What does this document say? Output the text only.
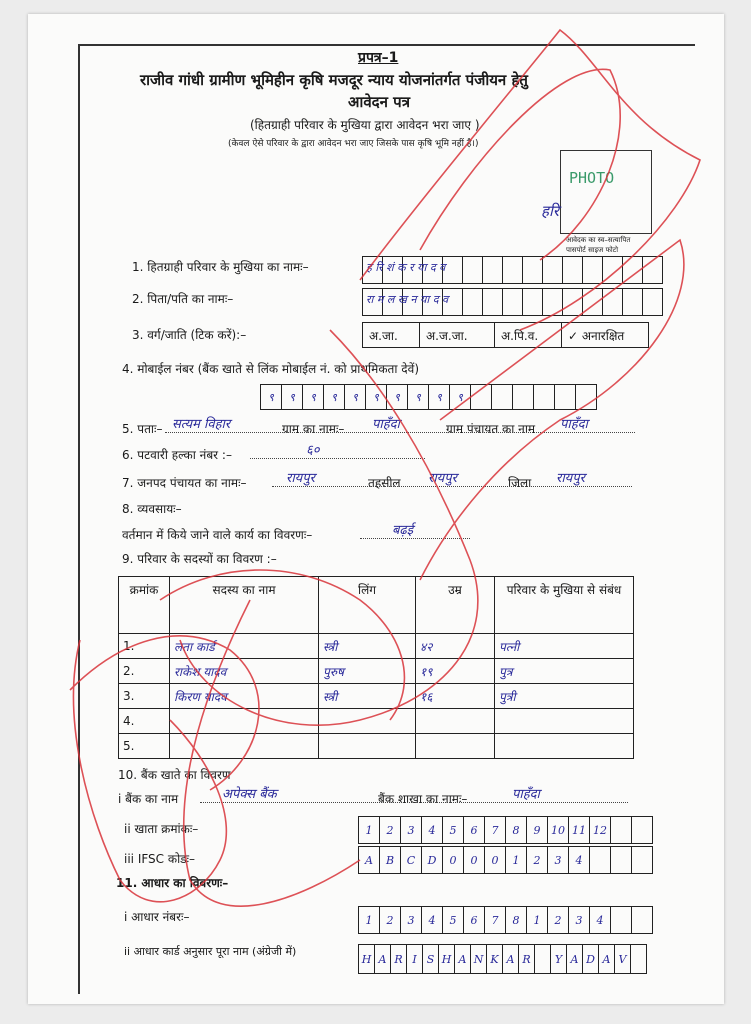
प्रपत्र–1
राजीव गांधी ग्रामीण भूमिहीन कृषि मजदूर न्याय योजनांतर्गत पंजीयन हेतु
आवेदन पत्र
(हितग्राही परिवार के मुखिया द्वारा आवेदन भरा जाए )
(केवल ऐसे परिवार के द्वारा आवेदन भरा जाए जिसके पास कृषि भूमि नहीं है।)
PHOTO
हरि
आवेदक का स्व–सत्यापित
पासपोर्ट साइज फोटो
1. हितग्राही परिवार के मुखिया का नामः–	ह रि शं क र या द व
2. पिता/पति का नामः–	रा म ल ख न या द व
3. वर्ग/जाति (टिक करें):–	अ.जा.	अ.ज.जा.	अ.पि.व.	✓ अनारक्षित
4. मोबाईल नंबर (बैंक खाते से लिंक मोबाईल नं. को प्राथमिकता देवें)
९	९	९	९	९	९	९	९	९	९
5. पताः– सत्यम विहार	ग्राम का नामः– पाहँदा	ग्राम पंचायत का नाम पाहँदा
6. पटवारी हल्का नंबर :–	६०
7. जनपद पंचायत का नामः–	रायपुर	तहसील रायपुर	जिला रायपुर
8. व्यवसायः–
वर्तमान में किये जाने वाले कार्य का विवरणः–	बढ़ई
9. परिवार के सदस्यों का विवरण :–
क्रमांक	सदस्य का नाम	लिंग	उम्र	परिवार के मुखिया से संबंध
1.	लता कार्ड	स्त्री	४२	पत्नी
2.	राकेश यादव	पुरुष	१९	पुत्र
3.	किरण यादव	स्त्री	१६	पुत्री
4.				
5.				
10. बैंक खाते का विवरण
i बैंक का नाम	अपेक्स बैंक	बैंक शाखा का नामः–	पाहँदा
ii खाता क्रमांकः–	1	2	3	4	5	6	7	8	9 10 11 12
iii IFSC कोडः–	A	B	C	D	0	0	0	1	2	3	4
11. आधार का विवरणः–
i आधार नंबरः–	1	2	3	4	5	6	7	8	1	2	3	4
ii आधार कार्ड अनुसार पूरा नाम (अंग्रेजी में)
H A R I S H A N K A R	Y A D A V
